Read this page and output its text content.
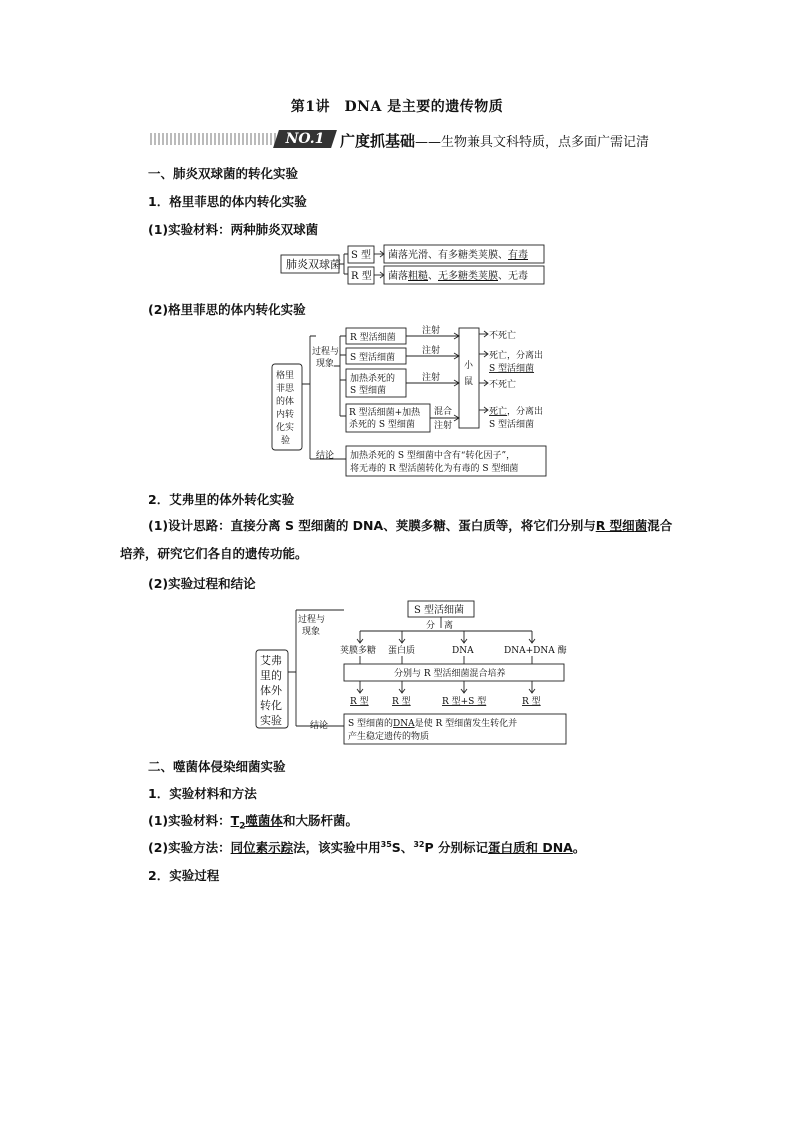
第1讲　DNA 是主要的遗传物质
NO.1	广度抓基础——生物兼具文科特质，点多面广需记清
一、肺炎双球菌的转化实验
1．格里菲思的体内转化实验
(1)实验材料：两种肺炎双球菌
肺炎双球菌
S 型
R 型
菌落光滑、有多糖类荚膜、有毒
菌落粗糙、无多糖类荚膜、无毒
(2)格里菲思的体内转化实验
格里
菲思
的体
内转
化实
验
过程与
现象
结论
R 型活细菌
S 型活细菌
加热杀死的
S 型细菌
R 型活细菌+加热
杀死的 S 型细菌
注射
注射
注射
混合
注射
小
鼠
不死亡
死亡，分离出
S 型活细菌
不死亡
死亡，分离出
S 型活细菌
加热杀死的 S 型细菌中含有“转化因子”，
将无毒的 R 型活菌转化为有毒的 S 型细菌
2．艾弗里的体外转化实验
(1)设计思路：直接分离 S 型细菌的 DNA、荚膜多糖、蛋白质等，将它们分别与R 型细菌混合培养，研究它们各自的遗传功能。
(2)实验过程和结论
艾弗
里的
体外
转化
实验
过程与
现象
结论
S 型活细菌
分　离
荚膜多糖 蛋白质	DNA	DNA+DNA 酶
分别与 R 型活细菌混合培养
R 型	R 型	R 型+S 型	R 型
S 型细菌的DNA是使 R 型细菌发生转化并
产生稳定遗传的物质
二、噬菌体侵染细菌实验
1．实验材料和方法
(1)实验材料：$T_2$噬菌体和大肠杆菌。
(2)实验方法：同位素示踪法，该实验中用$^{35}$S、$^{32}$P 分别标记蛋白质和 DNA。
2．实验过程
